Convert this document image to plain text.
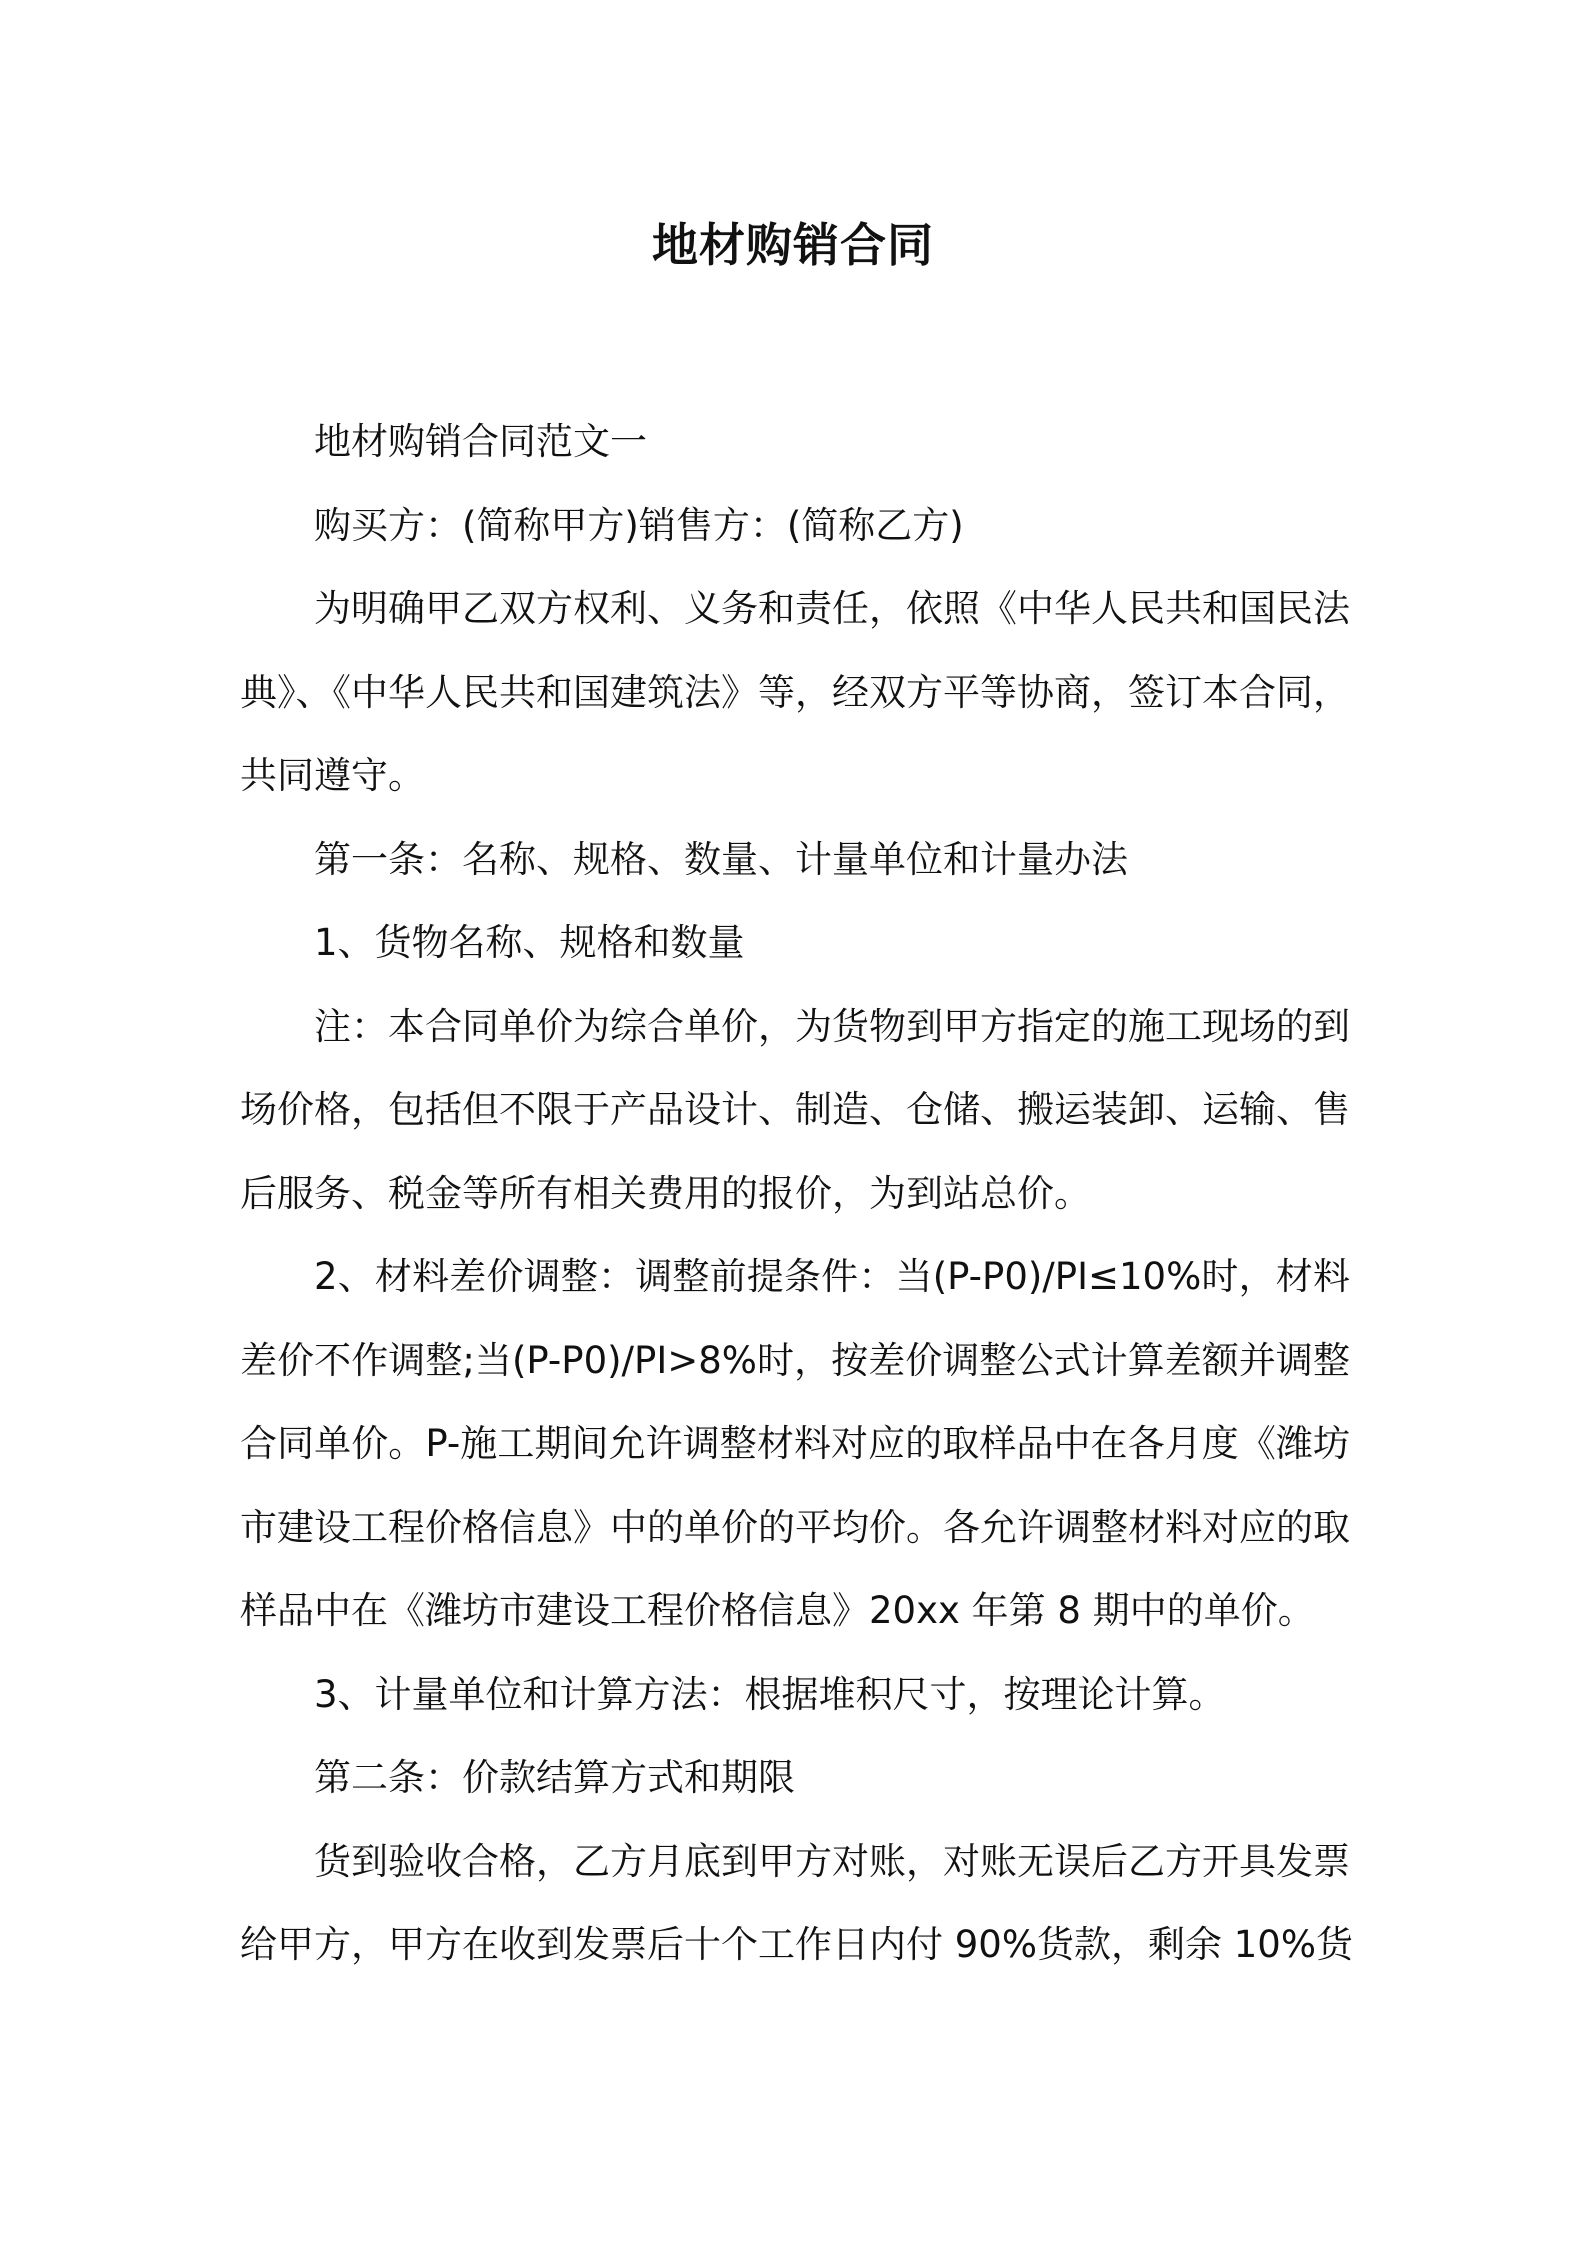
地材购销合同
地材购销合同范文一
购买方：(简称甲方)销售方：(简称乙方)
为明确甲乙双方权利、义务和责任，依照《中华人民共和国民法
典》、《中华人民共和国建筑法》等，经双方平等协商，签订本合同，
共同遵守。
第一条：名称、规格、数量、计量单位和计量办法
1、货物名称、规格和数量
注：本合同单价为综合单价，为货物到甲方指定的施工现场的到
场价格，包括但不限于产品设计、制造、仓储、搬运装卸、运输、售
后服务、税金等所有相关费用的报价，为到站总价。
2、材料差价调整：调整前提条件：当(P-P0)/PI≤10%时，材料
差价不作调整;当(P-P0)/PI>8%时，按差价调整公式计算差额并调整
合同单价。P-施工期间允许调整材料对应的取样品中在各月度《潍坊
市建设工程价格信息》中的单价的平均价。各允许调整材料对应的取
样品中在《潍坊市建设工程价格信息》20xx 年第 8 期中的单价。
3、计量单位和计算方法：根据堆积尺寸，按理论计算。
第二条：价款结算方式和期限
货到验收合格，乙方月底到甲方对账，对账无误后乙方开具发票
给甲方，甲方在收到发票后十个工作日内付 90%货款，剩余 10%货
